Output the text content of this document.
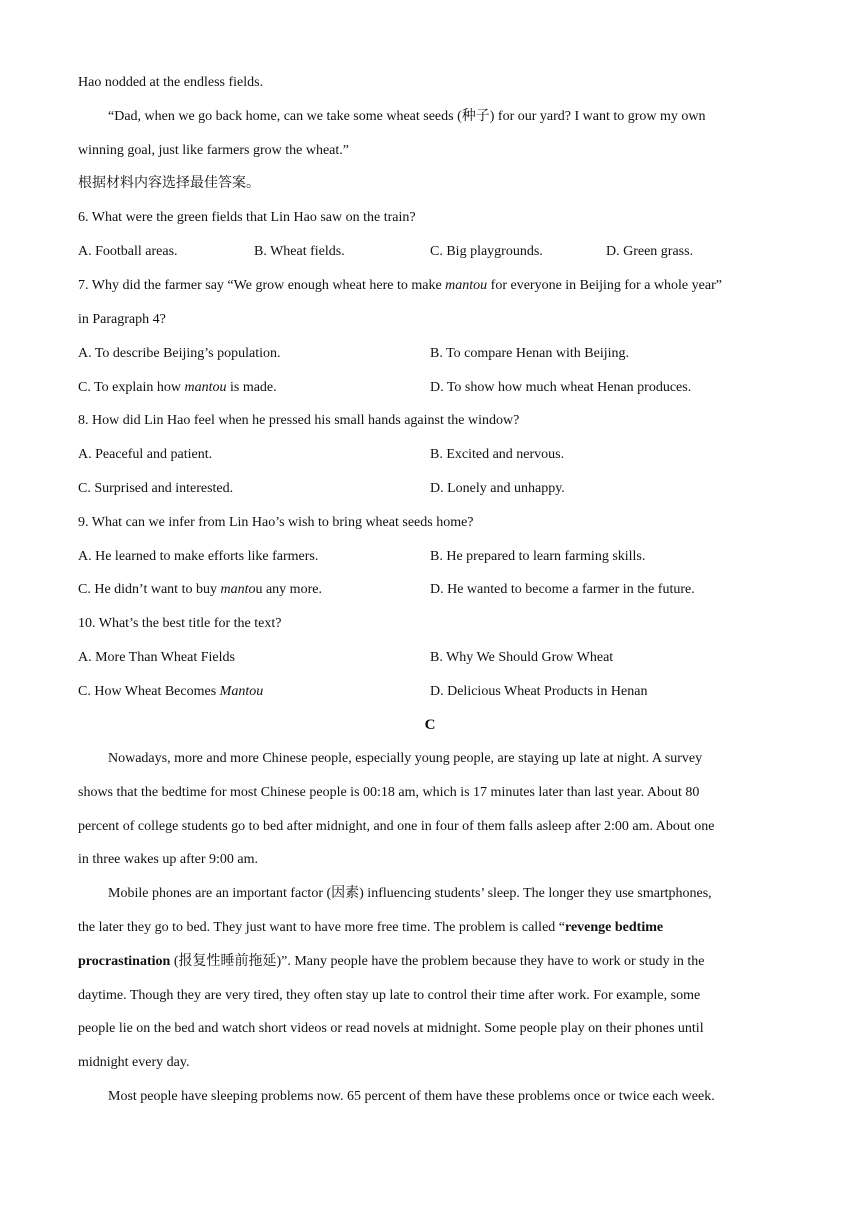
Hao nodded at the endless fields.
“Dad, when we go back home, can we take some wheat seeds (种子) for our yard? I want to grow my own
winning goal, just like farmers grow the wheat.”
根据材料内容选择最佳答案。
6. What were the green fields that Lin Hao saw on the train?
A. Football areas.	B. Wheat fields.	C. Big playgrounds.	D. Green grass.
7. Why did the farmer say “We grow enough wheat here to make mantou for everyone in Beijing for a whole year”
in Paragraph 4?
A. To describe Beijing’s population.	B. To compare Henan with Beijing.
C. To explain how mantou is made.	D. To show how much wheat Henan produces.
8. How did Lin Hao feel when he pressed his small hands against the window?
A. Peaceful and patient.	B. Excited and nervous.
C. Surprised and interested.	D. Lonely and unhappy.
9. What can we infer from Lin Hao’s wish to bring wheat seeds home?
A. He learned to make efforts like farmers.	B. He prepared to learn farming skills.
C. He didn’t want to buy mantou any more.	D. He wanted to become a farmer in the future.
10. What’s the best title for the text?
A. More Than Wheat Fields	B. Why We Should Grow Wheat
C. How Wheat Becomes Mantou	D. Delicious Wheat Products in Henan
C
Nowadays, more and more Chinese people, especially young people, are staying up late at night. A survey
shows that the bedtime for most Chinese people is 00:18 am, which is 17 minutes later than last year. About 80
percent of college students go to bed after midnight, and one in four of them falls asleep after 2:00 am. About one
in three wakes up after 9:00 am.
Mobile phones are an important factor (因素) influencing students’ sleep. The longer they use smartphones,
the later they go to bed. They just want to have more free time. The problem is called “revenge bedtime
procrastination (报复性睡前拖延)”. Many people have the problem because they have to work or study in the
daytime. Though they are very tired, they often stay up late to control their time after work. For example, some
people lie on the bed and watch short videos or read novels at midnight. Some people play on their phones until
midnight every day.
Most people have sleeping problems now. 65 percent of them have these problems once or twice each week.
